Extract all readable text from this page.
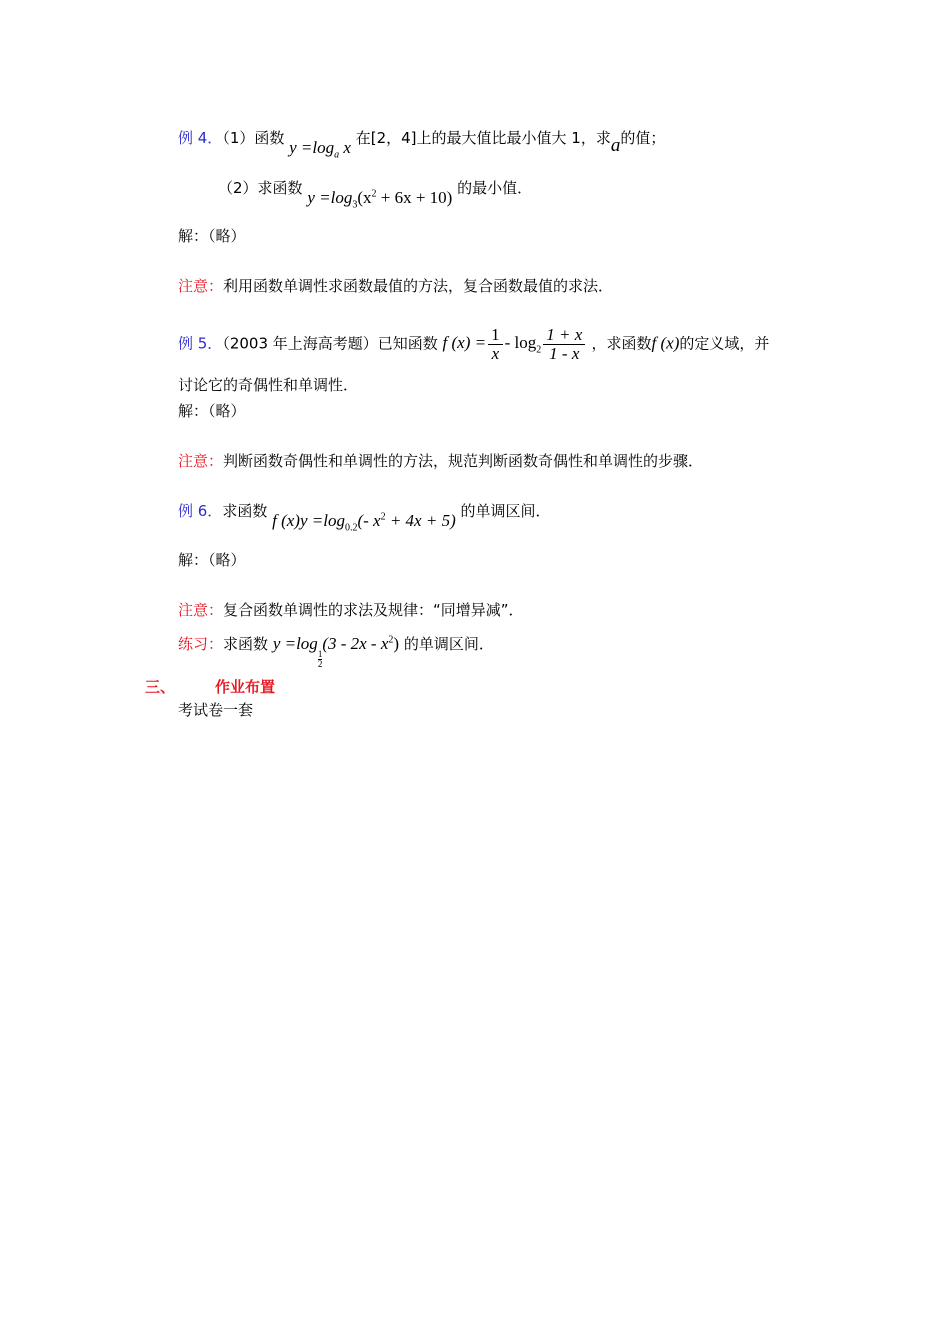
例 4．（1）函数 $y =\log_a$ x 在[2，4]上的最大值比最小值大 1，求a的值；
（2）求函数 $y =\log_3(x^2 + 6x + 10)$ 的最小值．
解：（略）
注意：利用函数单调性求函数最值的方法，复合函数最值的求法．
例 5．（2003 年上海高考题）已知函数 f $(x) = \frac{1}{x} - \log_2 \frac{1 + x}{1 - x}$ ，求函数f (x)的定义域，并
讨论它的奇偶性和单调性．
解：（略）
注意：判断函数奇偶性和单调性的方法，规范判断函数奇偶性和单调性的步骤．
例 6．求函数 f $(x)y =\log_{0.2}(-$ $x^2 + 4x + 5$) 的单调区间．
解：（略）
注意：复合函数单调性的求法及规律：“同增异减”．
练习：求函数 y =log
$\frac{1}{2}$
$(3 - 2x - x^2)$ 的单调区间．
三、	作业布置
考试卷一套
